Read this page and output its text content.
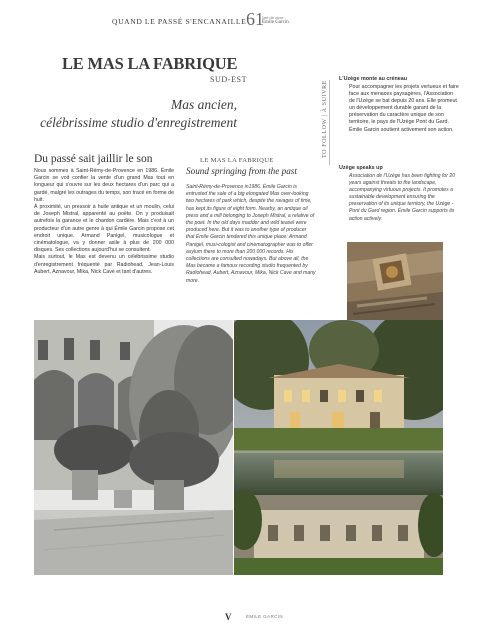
QUAND LE PASSÉ S'ENCANAILLE 61
l'art de vivre
Émile Garcin
LE MAS LA FABRIQUE
SUD-EST
Mas ancien,
célébrissime studio d'enregistrement
Du passé sait jaillir le son

Nous sommes à Saint-Rémy-de-Provence en 1986. Émile Garcin se voit confier la vente d'un grand Mas tout en longueur qui s'ouvre sur les deux hectares d'un parc qui a gardé, malgré les outrages du temps, son tracé en forme de huit.

À proximité, un pressoir à huile antique et un moulin, celui de Joseph Mistral, apparenté au poète. On y produisait autrefois la garance et le chardon cardère. Mais c'est à un producteur d'un autre genre à qui Émile Garcin propose cet endroit unique. Armand Panigel, musicologue et cinématologue, va y donner asile à plus de 200 000 disques. Ses collections aujourd'hui se consultent.

Mais surtout, le Mas est devenu un célébrissime studio d'enregistrement fréquenté par Radiohead, Jean-Louis Aubert, Aznavour, Mika, Nick Cave et tant d'autres.

LE MAS LA FABRIQUE
Sound springing from the past
Saint-Rémy-de-Provence in1986. Émile Garcin is entrusted the sale of a big elongated Mas over-looking two hectares of park which, despite the ravages of time, has kept its figure of eight form. Nearby, an antique oil press and a mill belonging to Joseph Mistral, a relative of the poet. In the old days madder and wild teasel were produced here. But it was to another type of producer that Émile Garcin tendered this unique place: Armand Panigel, musi-cologist and cinematographer was to offer asylum there to more than 200 000 records. His collections are consulted nowadays. But above all, the Mas became a famous recording studio frequented by Radiohead, Aubert, Aznavour, Mika, Nick Cave and many more.
TO FOLLOW | À SUIVRE
L'Uzège monte au créneau
Pour accompagner les projets vertueux et faire face aux menaces paysagères, l'Association de l'Uzège se bat depuis 20 ans. Elle promeut un développement durable garant de la préservation du caractère unique de son territoire, le pays de l'Uzège Pont du Gard. Émile Garcin soutient activement son action.
Uzège speaks up
Association de l'Uzège has been fighting for 20 years against threats to the landscape, accompanying virtuous projects. It promotes a sustainable development ensuring the preservation of its unique territory, the Uzège -Pont du Gard region. Émile Garcin supports its action actively.
V	ÉMILE GARCIN
